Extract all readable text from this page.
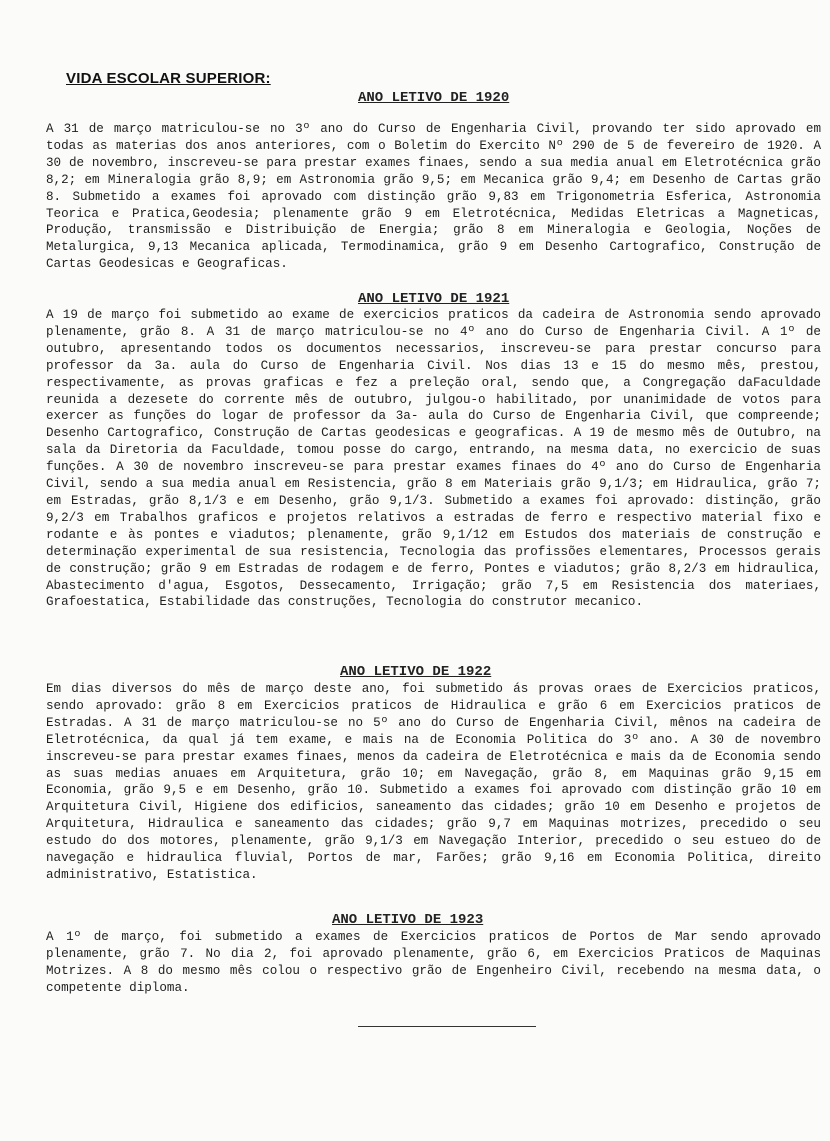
VIDA ESCOLAR SUPERIOR:
ANO LETIVO DE 1920

A 31 de março matriculou-se no 3º ano do Curso de Engenharia Civil, provando ter sido aprovado em todas as materias dos anos anteriores, com o Boletim do Exercito Nº 290 de 5 de fevereiro de 1920. A 30 de novembro, inscreveu-se para prestar exames finaes, sendo a sua media anual em Eletrotécnica grão 8,2; em Mineralogia grão 8,9; em Astronomia grão 9,5; em Mecanica grão 9,4; em Desenho de Cartas grão 8. Submetido a exames foi aprovado com distinção grão 9,83 em Trigonometria Esferica, Astronomia Teorica e Pratica,Geodesia; plenamente grão 9 em Eletrotécnica, Medidas Eletricas a Magneticas, Produção, transmissão e Distribuição de Energia; grão 8 em Mineralogia e Geologia, Noções de Metalurgica, 9,13 Mecanica aplicada, Termodinamica, grão 9 em Desenho Cartografico, Construção de Cartas Geodesicas e Geograficas.

ANO LETIVO DE 1921

A 19 de março foi submetido ao exame de exercicios praticos da cadeira de Astronomia sendo aprovado plenamente, grão 8. A 31 de março matriculou-se no 4º ano do Curso de Engenharia Civil. A 1º de outubro, apresentando todos os documentos necessarios, inscreveu-se para prestar concurso para professor da 3a. aula do Curso de Engenharia Civil. Nos dias 13 e 15 do mesmo mês, prestou, respectivamente, as provas graficas e fez a preleção oral, sendo que, a Congregação daFaculdade reunida a dezesete do corrente mês de outubro, julgou-o habilitado, por unanimidade de votos para exercer as funções do logar de professor da 3a- aula do Curso de Engenharia Civil, que compreende; Desenho Cartografico, Construção de Cartas geodesicas e geograficas. A 19 de mesmo mês de Outubro, na sala da Diretoria da Faculdade, tomou posse do cargo, entrando, na mesma data, no exercicio de suas funções. A 30 de novembro inscreveu-se para prestar exames finaes do 4º ano do Curso de Engenharia Civil, sendo a sua media anual em Resistencia, grão 8 em Materiais grão 9,1/3; em Hidraulica, grão 7; em Estradas, grão 8,1/3 e em Desenho, grão 9,1/3. Submetido a exames foi aprovado: distinção, grão 9,2/3 em Trabalhos graficos e projetos relativos a estradas de ferro e respectivo material fixo e rodante e às pontes e viadutos; plenamente, grão 9,1/12 em Estudos dos materiais de construção e determinação experimental de sua resistencia, Tecnologia das profissões elementares, Processos gerais de construção; grão 9 em Estradas de rodagem e de ferro, Pontes e viadutos; grão 8,2/3 em hidraulica, Abastecimento d'agua, Esgotos, Dessecamento, Irrigação; grão 7,5 em Resistencia dos materiaes, Grafoestatica, Estabilidade das construções, Tecnologia do construtor mecanico.

ANO LETIVO DE 1922

Em dias diversos do mês de março deste ano, foi submetido ás provas oraes de Exercicios praticos, sendo aprovado: grão 8 em Exercicios praticos de Hidraulica e grão 6 em Exercicios praticos de Estradas. A 31 de março matriculou-se no 5º ano do Curso de Engenharia Civil, mênos na cadeira de Eletrotécnica, da qual já tem exame, e mais na de Economia Politica do 3º ano. A 30 de novembro inscreveu-se para prestar exames finaes, menos da cadeira de Eletrotécnica e mais da de Economia sendo as suas medias anuaes em Arquitetura, grão 10; em Navegação, grão 8, em Maquinas grão 9,15 em Economia, grão 9,5 e em Desenho, grão 10. Submetido a exames foi aprovado com distinção grão 10 em Arquitetura Civil, Higiene dos edificios, saneamento das cidades; grão 10 em Desenho e projetos de Arquitetura, Hidraulica e saneamento das cidades; grão 9,7 em Maquinas motrizes, precedido o seu estudo do dos motores, plenamente, grão 9,1/3 em Navegação Interior, precedido o seu estueo do de navegação e hidraulica fluvial, Portos de mar, Farões; grão 9,16 em Economia Politica, direito administrativo, Estatistica.

ANO LETIVO DE 1923

A 1º de março, foi submetido a exames de Exercicios praticos de Portos de Mar sendo aprovado plenamente, grão 7. No dia 2, foi aprovado plenamente, grão 6, em Exercicios Praticos de Maquinas Motrizes. A 8 do mesmo mês colou o respectivo grão de Engenheiro Civil, recebendo na mesma data, o competente diploma.
